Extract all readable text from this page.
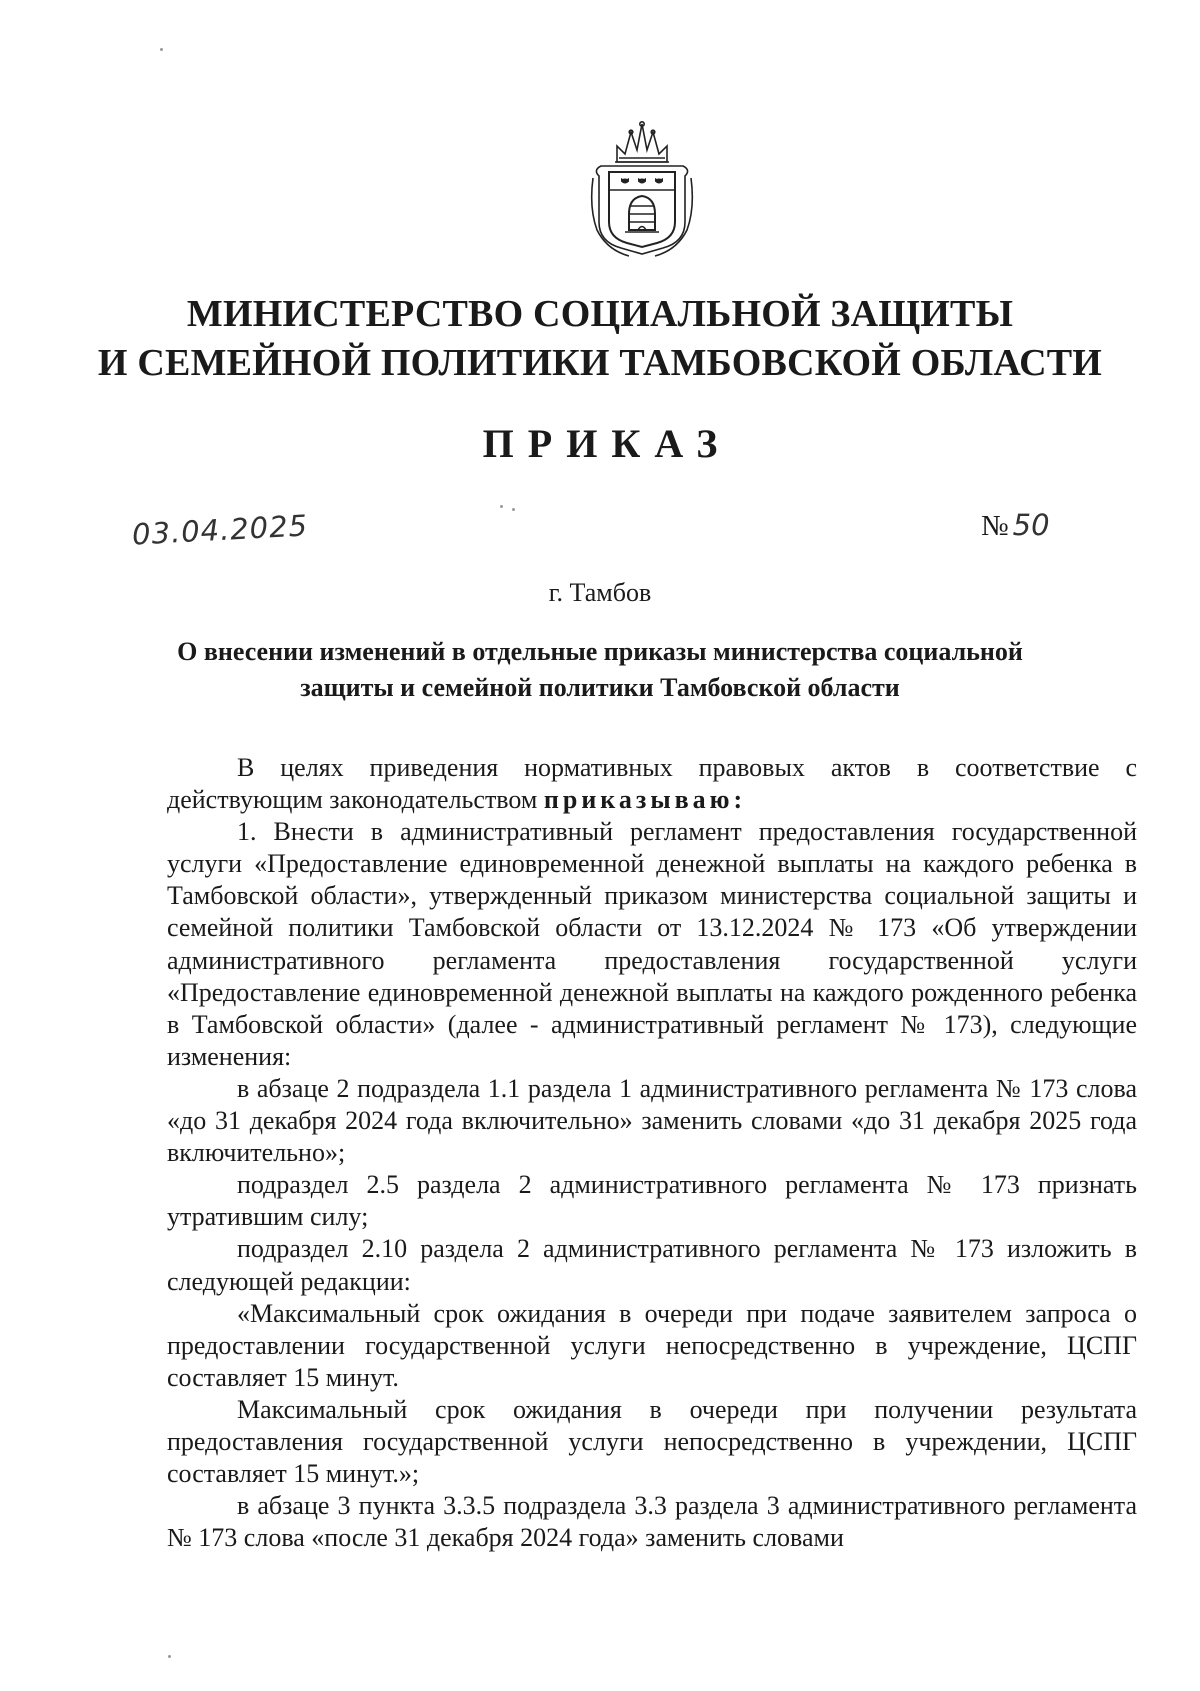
МИНИСТЕРСТВО СОЦИАЛЬНОЙ ЗАЩИТЫ
И СЕМЕЙНОЙ ПОЛИТИКИ ТАМБОВСКОЙ ОБЛАСТИ
ПРИКАЗ
03.04.2025	№ 50
г. Тамбов
О внесении изменений в отдельные приказы министерства социальной
защиты и семейной политики Тамбовской области

В целях приведения нормативных правовых актов в соответствие с действующим законодательством приказываю:

1. Внести в административный регламент предоставления государственной услуги «Предоставление единовременной денежной выплаты на каждого ребенка в Тамбовской области», утвержденный приказом министерства социальной защиты и семейной политики Тамбовской области от 13.12.2024 № 173 «Об утверждении административного регламента предоставления государственной услуги «Предоставление единовременной денежной выплаты на каждого рожденного ребенка в Тамбовской области» (далее - административный регламент № 173), следующие изменения:

в абзаце 2 подраздела 1.1 раздела 1 административного регламента № 173 слова «до 31 декабря 2024 года включительно» заменить словами «до 31 декабря 2025 года включительно»;

подраздел 2.5 раздела 2 административного регламента № 173 признать утратившим силу;

подраздел 2.10 раздела 2 административного регламента № 173 изложить в следующей редакции:

«Максимальный срок ожидания в очереди при подаче заявителем запроса о предоставлении государственной услуги непосредственно в учреждение, ЦСПГ составляет 15 минут.

Максимальный срок ожидания в очереди при получении результата предоставления государственной услуги непосредственно в учреждении, ЦСПГ составляет 15 минут.»;

в абзаце 3 пункта 3.3.5 подраздела 3.3 раздела 3 административного регламента № 173 слова «после 31 декабря 2024 года» заменить словами
